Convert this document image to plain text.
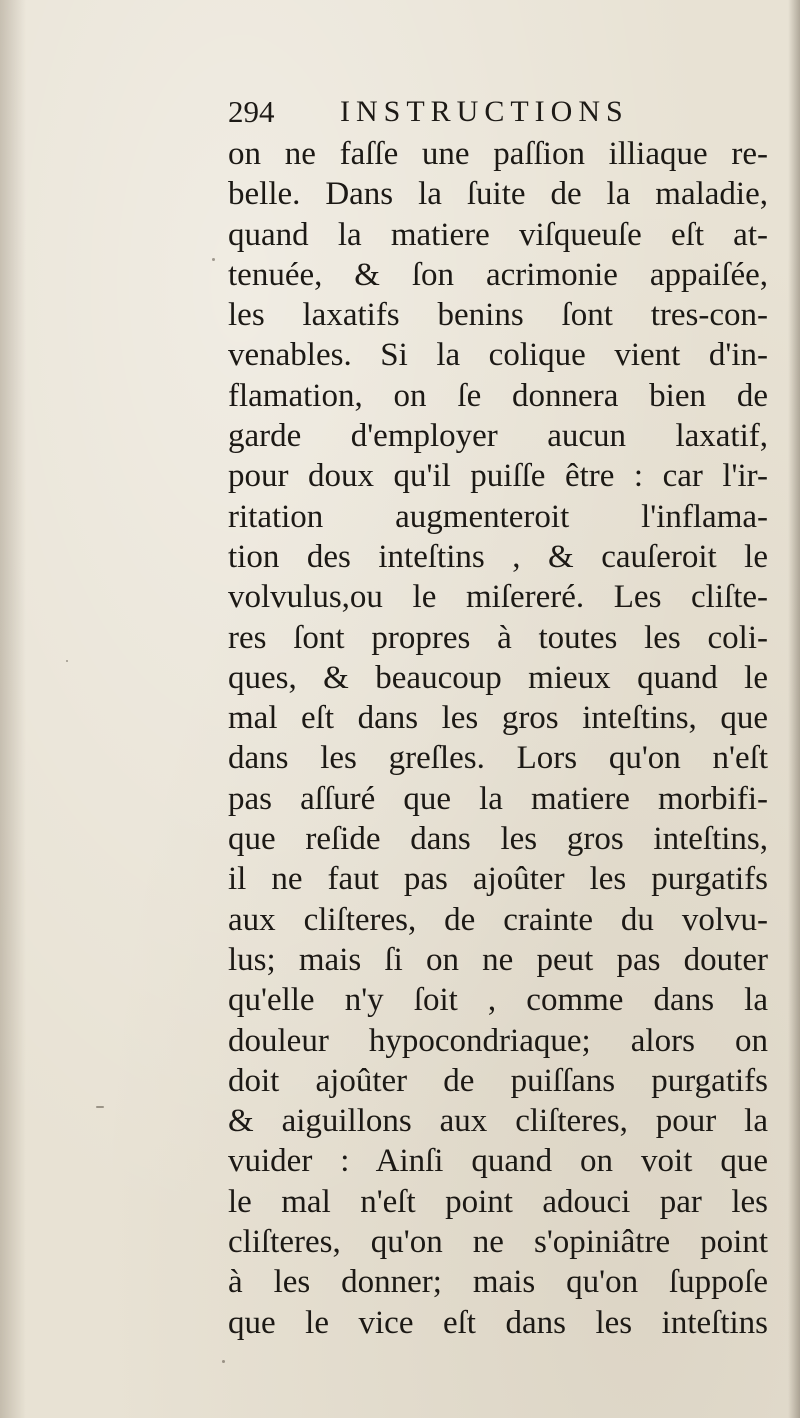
294 INSTRUCTIONS
on ne faſſe une paſſion illiaque re-
belle. Dans la ſuite de la maladie,
quand la matiere viſqueuſe eſt at-
tenuée, & ſon acrimonie appaiſée,
les laxatifs benins ſont tres-con-
venables. Si la colique vient d'in-
flamation, on ſe donnera bien de
garde d'employer aucun laxatif,
pour doux qu'il puiſſe être : car l'ir-
ritation augmenteroit l'inflama-
tion des inteſtins , & cauſeroit le
volvulus,ou le miſereré. Les cliſte-
res ſont propres à toutes les coli-
ques, & beaucoup mieux quand le
mal eſt dans les gros inteſtins, que
dans les greſles. Lors qu'on n'eſt
pas aſſuré que la matiere morbifi-
que reſide dans les gros inteſtins,
il ne faut pas ajoûter les purgatifs
aux cliſteres, de crainte du volvu-
lus; mais ſi on ne peut pas douter
qu'elle n'y ſoit , comme dans la
douleur hypocondriaque; alors on
doit ajoûter de puiſſans purgatifs
& aiguillons aux cliſteres, pour la
vuider : Ainſi quand on voit que
le mal n'eſt point adouci par les
cliſteres, qu'on ne s'opiniâtre point
à les donner; mais qu'on ſuppoſe
que le vice eſt dans les inteſtins
